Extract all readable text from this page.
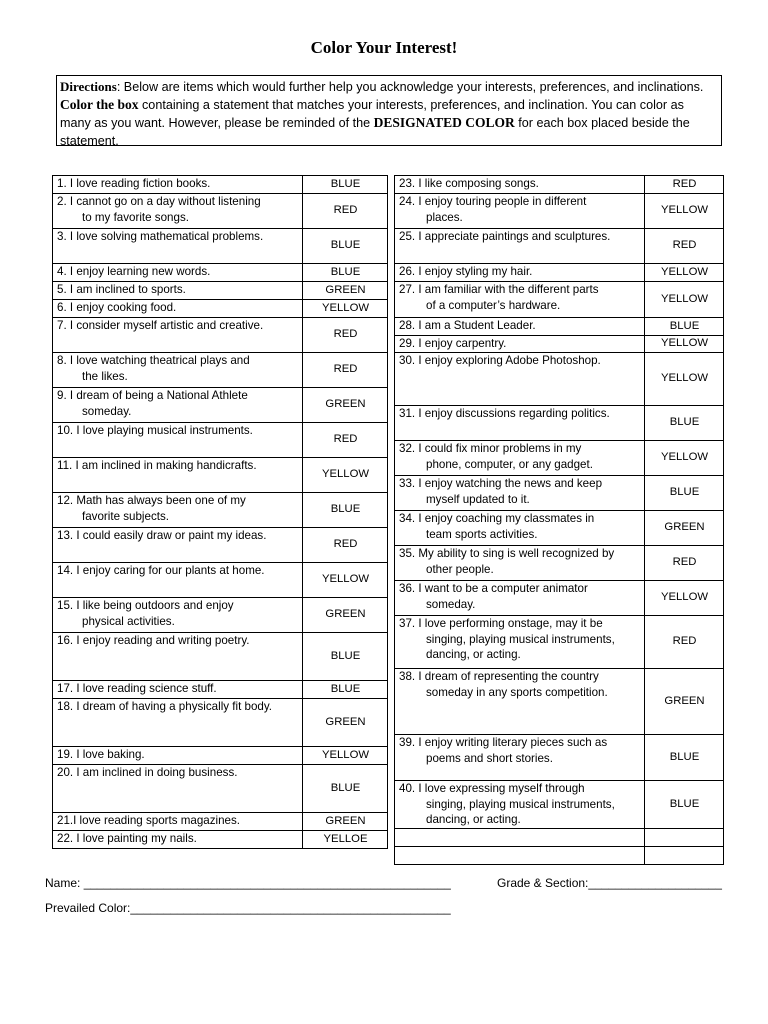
Color Your Interest!
Directions: Below are items which would further help you acknowledge your interests, preferences, and inclinations. Color the box containing a statement that matches your interests, preferences, and inclination. You can color as many as you want. However, please be reminded of the DESIGNATED COLOR for each box placed beside the statement.
1. I love reading fiction books.	BLUE

2. I cannot go on a day without listening
to my favorite songs.	RED

3. I love solving mathematical problems.	BLUE

4. I enjoy learning new words.	BLUE

5. I am inclined to sports.	GREEN

6. I enjoy cooking food.	YELLOW

7. I consider myself artistic and creative.	RED

8. I love watching theatrical plays and
the likes.	RED

9. I dream of being a National Athlete
someday.	GREEN

10. I love playing musical instruments.	RED

11. I am inclined in making handicrafts.	YELLOW

12. Math has always been one of my
favorite subjects.	BLUE

13. I could easily draw or paint my ideas.	RED

14. I enjoy caring for our plants at home.	YELLOW

15. I like being outdoors and enjoy
physical activities.	GREEN

16. I enjoy reading and writing poetry.	BLUE

17. I love reading science stuff.	BLUE

18. I dream of having a physically fit body.	GREEN

19. I love baking.	YELLOW

20. I am inclined in doing business.	BLUE

21.I love reading sports magazines.	GREEN

22. I love painting my nails.	YELLOE
23. I like composing songs.	RED

24. I enjoy touring people in different
places.	YELLOW

25. I appreciate paintings and sculptures.	RED

26. I enjoy styling my hair.	YELLOW

27. I am familiar with the different parts
of a computer’s hardware.	YELLOW

28. I am a Student Leader.	BLUE

29. I enjoy carpentry.	YELLOW

30. I enjoy exploring Adobe Photoshop.	YELLOW

31. I enjoy discussions regarding politics.	BLUE

32. I could fix minor problems in my
phone, computer, or any gadget.	YELLOW

33. I enjoy watching the news and keep
myself updated to it.	BLUE

34. I enjoy coaching my classmates in
team sports activities.	GREEN

35. My ability to sing is well recognized by
other people.	RED

36. I want to be a computer animator
someday.	YELLOW

37. I love performing onstage, may it be
singing, playing musical instruments,
dancing, or acting.	RED

38. I dream of representing the country
someday in any sports competition.	GREEN

39. I enjoy writing literary pieces such as
poems and short stories.	BLUE

40. I love expressing myself through
singing, playing musical instruments,
dancing, or acting.	BLUE

Name: _______________________________________________________	Grade & Section:____________________
Prevailed Color:________________________________________________
